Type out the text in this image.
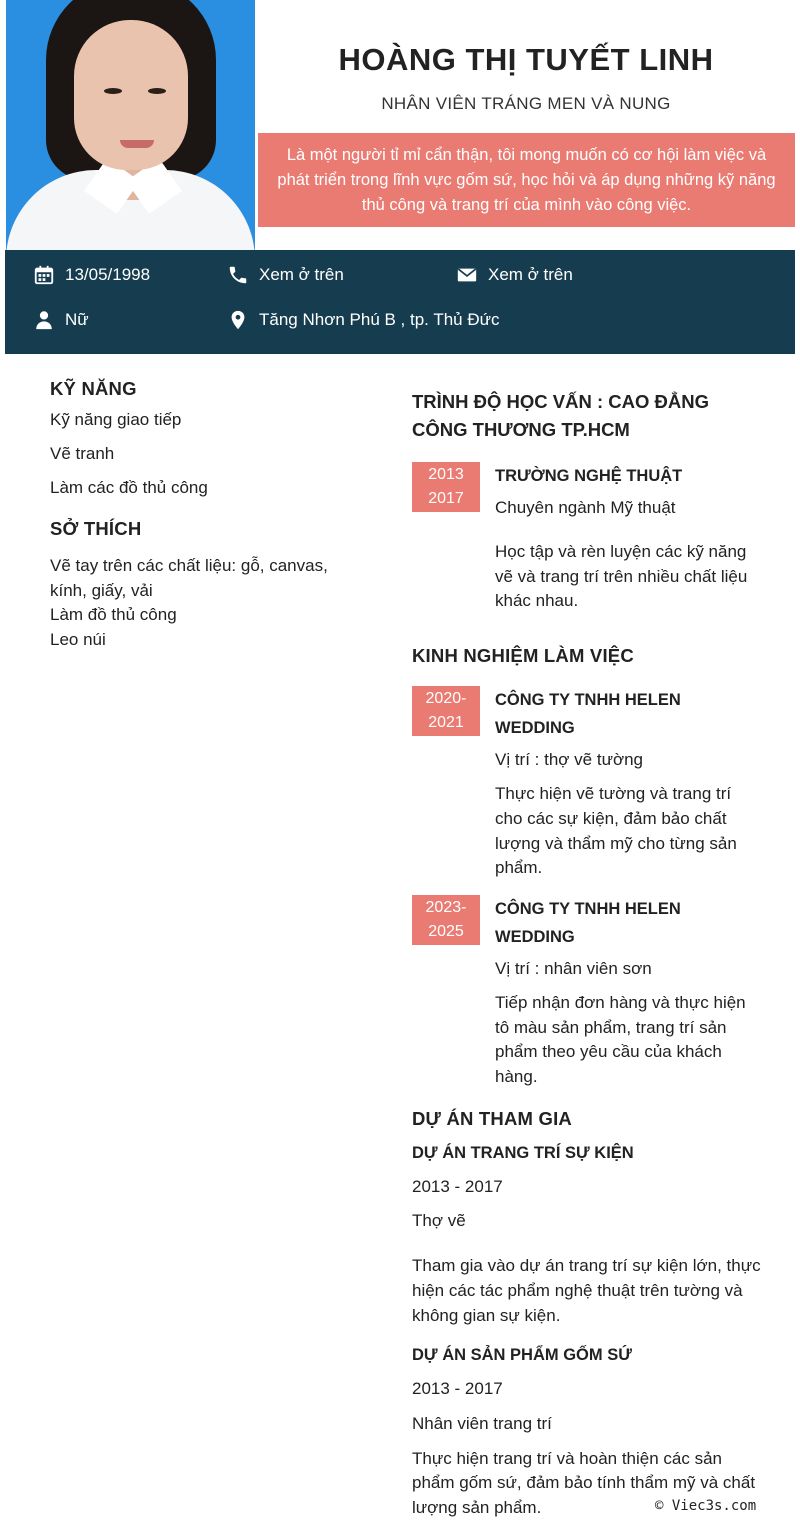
HOÀNG THỊ TUYẾT LINH
NHÂN VIÊN TRÁNG MEN VÀ NUNG
Là một người tỉ mỉ cẩn thận, tôi mong muốn có cơ hội làm việc và phát triển trong lĩnh vực gốm sứ, học hỏi và áp dụng những kỹ năng thủ công và trang trí của mình vào công việc.
13/05/1998	Xem ở trên	Xem ở trên
Nữ	Tăng Nhơn Phú B , tp. Thủ Đức
KỸ NĂNG
Kỹ năng giao tiếp
Vẽ tranh
Làm các đồ thủ công
SỞ THÍCH
Vẽ tay trên các chất liệu: gỗ, canvas, kính, giấy, vải
Làm đồ thủ công
Leo núi
TRÌNH ĐỘ HỌC VẤN : CAO ĐẲNG CÔNG THƯƠNG TP.HCM
2013
2017
TRƯỜNG NGHỆ THUẬT
Chuyên ngành Mỹ thuật
Học tập và rèn luyện các kỹ năng vẽ và trang trí trên nhiều chất liệu khác nhau.
KINH NGHIỆM LÀM VIỆC
2020-
2021
CÔNG TY TNHH HELEN WEDDING
Vị trí : thợ vẽ tường
Thực hiện vẽ tường và trang trí cho các sự kiện, đảm bảo chất lượng và thẩm mỹ cho từng sản phẩm.
2023-
2025
CÔNG TY TNHH HELEN WEDDING
Vị trí : nhân viên sơn
Tiếp nhận đơn hàng và thực hiện tô màu sản phẩm, trang trí sản phẩm theo yêu cầu của khách hàng.
DỰ ÁN THAM GIA
DỰ ÁN TRANG TRÍ SỰ KIỆN
2013 - 2017
Thợ vẽ
Tham gia vào dự án trang trí sự kiện lớn, thực hiện các tác phẩm nghệ thuật trên tường và không gian sự kiện.
DỰ ÁN SẢN PHẨM GỐM SỨ
2013 - 2017
Nhân viên trang trí
Thực hiện trang trí và hoàn thiện các sản phẩm gốm sứ, đảm bảo tính thẩm mỹ và chất lượng sản phẩm.	© Viec3s.com
